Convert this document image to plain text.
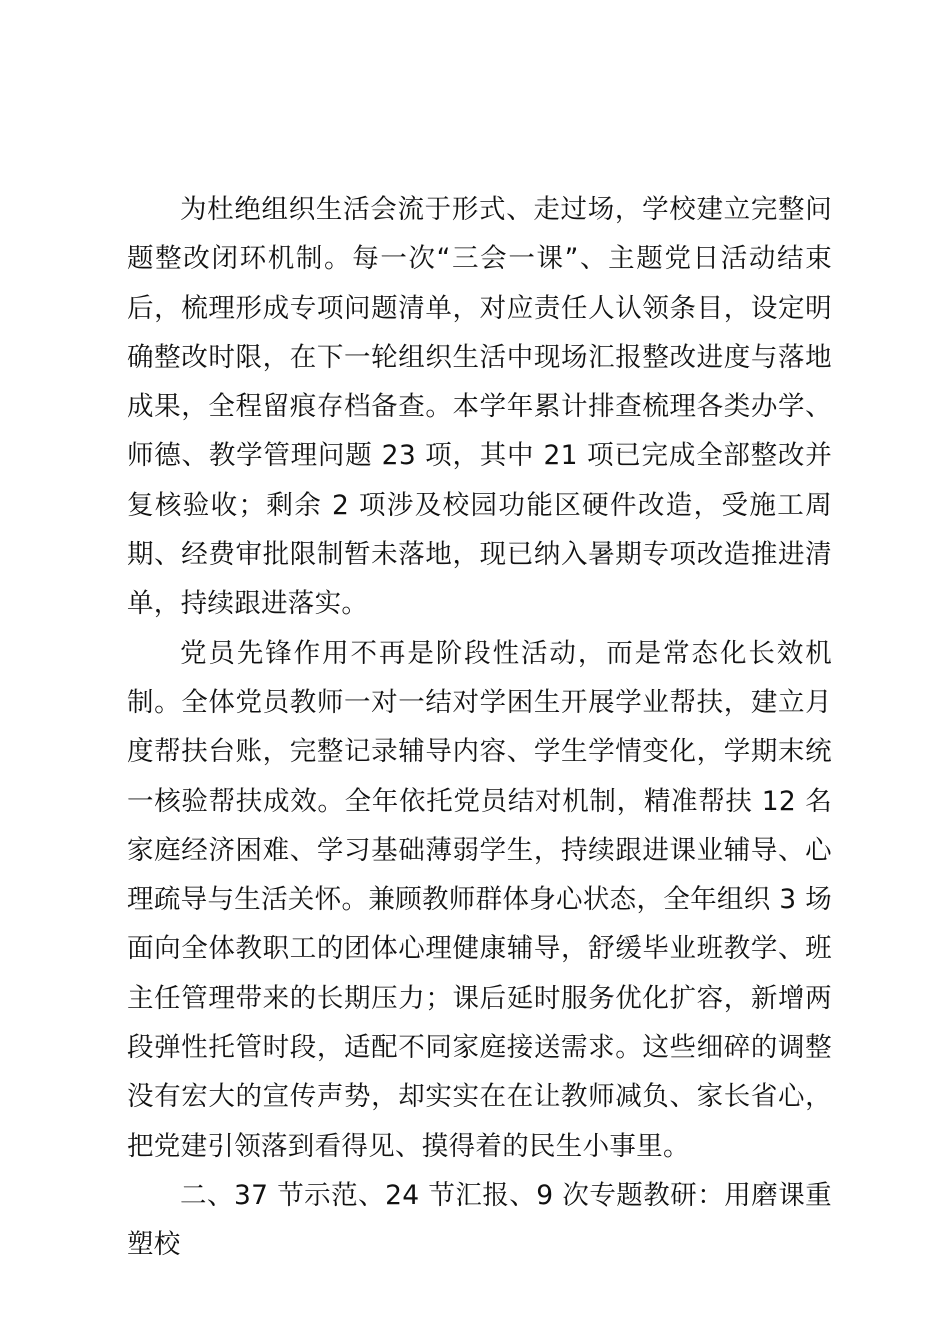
为杜绝组织生活会流于形式、走过场，学校建立完整问题整改闭环机制。每一次“三会一课”、主题党日活动结束后，梳理形成专项问题清单，对应责任人认领条目，设定明确整改时限，在下一轮组织生活中现场汇报整改进度与落地成果，全程留痕存档备查。本学年累计排查梳理各类办学、师德、教学管理问题 23 项，其中 21 项已完成全部整改并复核验收；剩余 2 项涉及校园功能区硬件改造，受施工周期、经费审批限制暂未落地，现已纳入暑期专项改造推进清单，持续跟进落实。

党员先锋作用不再是阶段性活动，而是常态化长效机制。全体党员教师一对一结对学困生开展学业帮扶，建立月度帮扶台账，完整记录辅导内容、学生学情变化，学期末统一核验帮扶成效。全年依托党员结对机制，精准帮扶 12 名家庭经济困难、学习基础薄弱学生，持续跟进课业辅导、心理疏导与生活关怀。兼顾教师群体身心状态，全年组织 3 场面向全体教职工的团体心理健康辅导，舒缓毕业班教学、班主任管理带来的长期压力；课后延时服务优化扩容，新增两段弹性托管时段，适配不同家庭接送需求。这些细碎的调整没有宏大的宣传声势，却实实在在让教师减负、家长省心，把党建引领落到看得见、摸得着的民生小事里。

二、37 节示范、24 节汇报、9 次专题教研：用磨课重塑校
